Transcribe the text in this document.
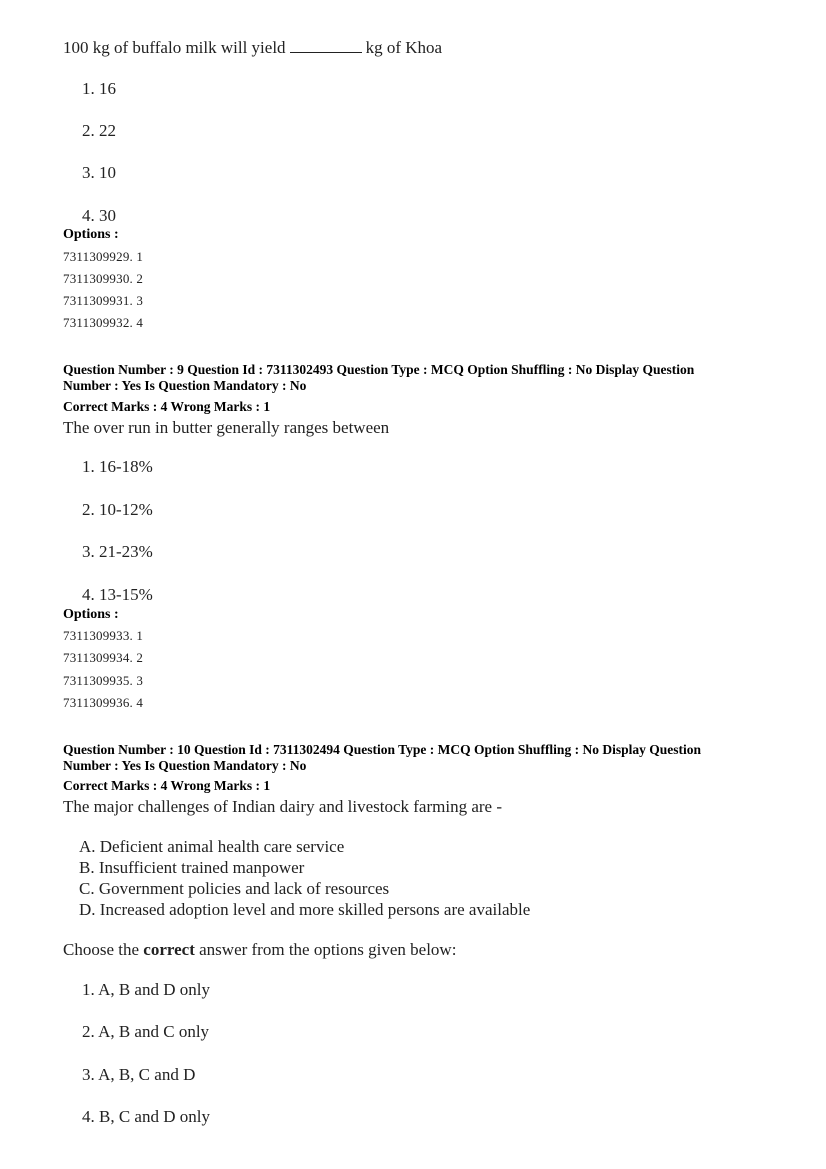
100 kg of buffalo milk will yield	kg of Khoa
1. 16
2. 22
3. 10
4. 30
Options :
7311309929. 1
7311309930. 2
7311309931. 3
7311309932. 4
Question Number : 9 Question Id : 7311302493 Question Type : MCQ Option Shuffling : No Display Question
Number : Yes Is Question Mandatory : No
Correct Marks : 4 Wrong Marks : 1
The over run in butter generally ranges between
1. 16-18%
2. 10-12%
3. 21-23%
4. 13-15%
Options :
7311309933. 1
7311309934. 2
7311309935. 3
7311309936. 4
Question Number : 10 Question Id : 7311302494 Question Type : MCQ Option Shuffling : No Display Question
Number : Yes Is Question Mandatory : No
Correct Marks : 4 Wrong Marks : 1
The major challenges of Indian dairy and livestock farming are -
A. Deficient animal health care service
B. Insufficient trained manpower
C. Government policies and lack of resources
D. Increased adoption level and more skilled persons are available
Choose the correct answer from the options given below:
1. A, B and D only
2. A, B and C only
3. A, B, C and D
4. B, C and D only
